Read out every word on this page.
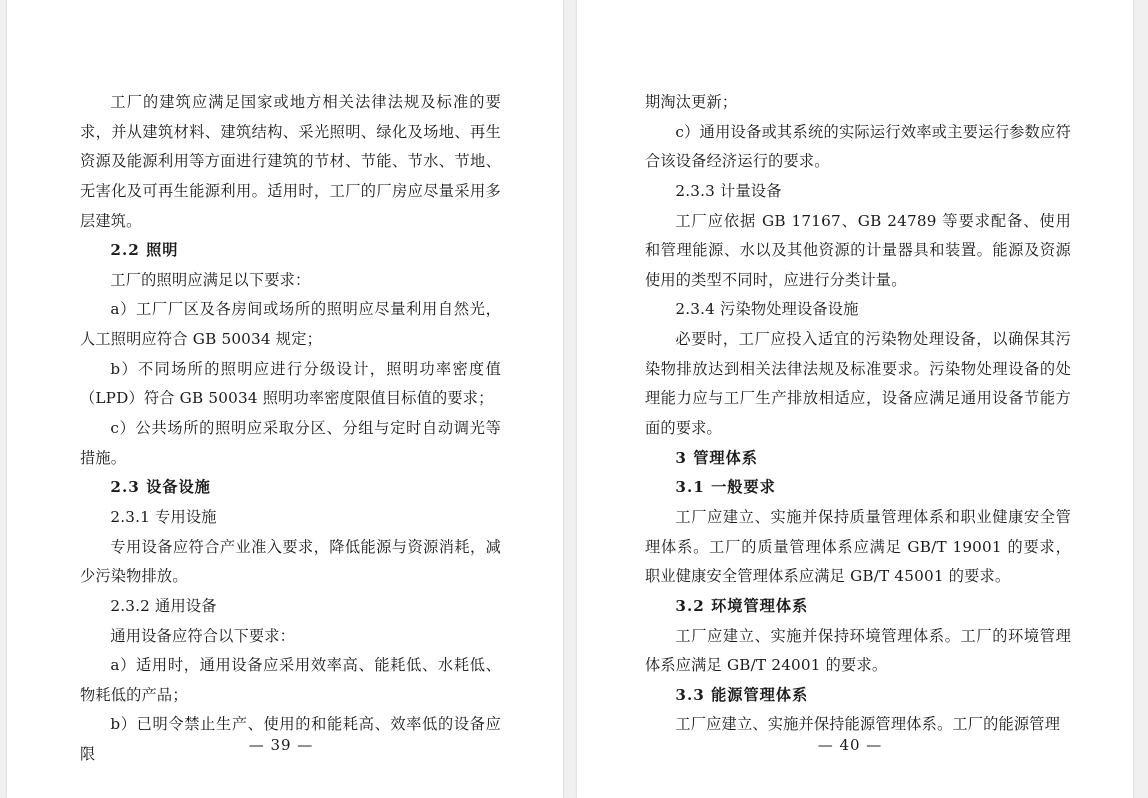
工厂的建筑应满足国家或地方相关法律法规及标准的要求，并从建筑材料、建筑结构、采光照明、绿化及场地、再生资源及能源利用等方面进行建筑的节材、节能、节水、节地、无害化及可再生能源利用。适用时，工厂的厂房应尽量采用多层建筑。

2.2 照明

工厂的照明应满足以下要求：

a）工厂厂区及各房间或场所的照明应尽量利用自然光，人工照明应符合 GB 50034 规定；

b）不同场所的照明应进行分级设计，照明功率密度值（LPD）符合 GB 50034 照明功率密度限值目标值的要求；

c）公共场所的照明应采取分区、分组与定时自动调光等措施。

2.3 设备设施

2.3.1 专用设施

专用设备应符合产业准入要求，降低能源与资源消耗，减少污染物排放。

2.3.2 通用设备

通用设备应符合以下要求：

a）适用时，通用设备应采用效率高、能耗低、水耗低、物耗低的产品；

b）已明令禁止生产、使用的和能耗高、效率低的设备应限

— 39 —

期淘汰更新；

c）通用设备或其系统的实际运行效率或主要运行参数应符合该设备经济运行的要求。

2.3.3 计量设备

工厂应依据 GB 17167、GB 24789 等要求配备、使用和管理能源、水以及其他资源的计量器具和装置。能源及资源使用的类型不同时，应进行分类计量。

2.3.4 污染物处理设备设施

必要时，工厂应投入适宜的污染物处理设备，以确保其污染物排放达到相关法律法规及标准要求。污染物处理设备的处理能力应与工厂生产排放相适应，设备应满足通用设备节能方面的要求。

3 管理体系

3.1 一般要求

工厂应建立、实施并保持质量管理体系和职业健康安全管理体系。工厂的质量管理体系应满足 GB/T 19001 的要求，职业健康安全管理体系应满足 GB/T 45001 的要求。

3.2 环境管理体系

工厂应建立、实施并保持环境管理体系。工厂的环境管理体系应满足 GB/T 24001 的要求。

3.3 能源管理体系

工厂应建立、实施并保持能源管理体系。工厂的能源管理

— 40 —
